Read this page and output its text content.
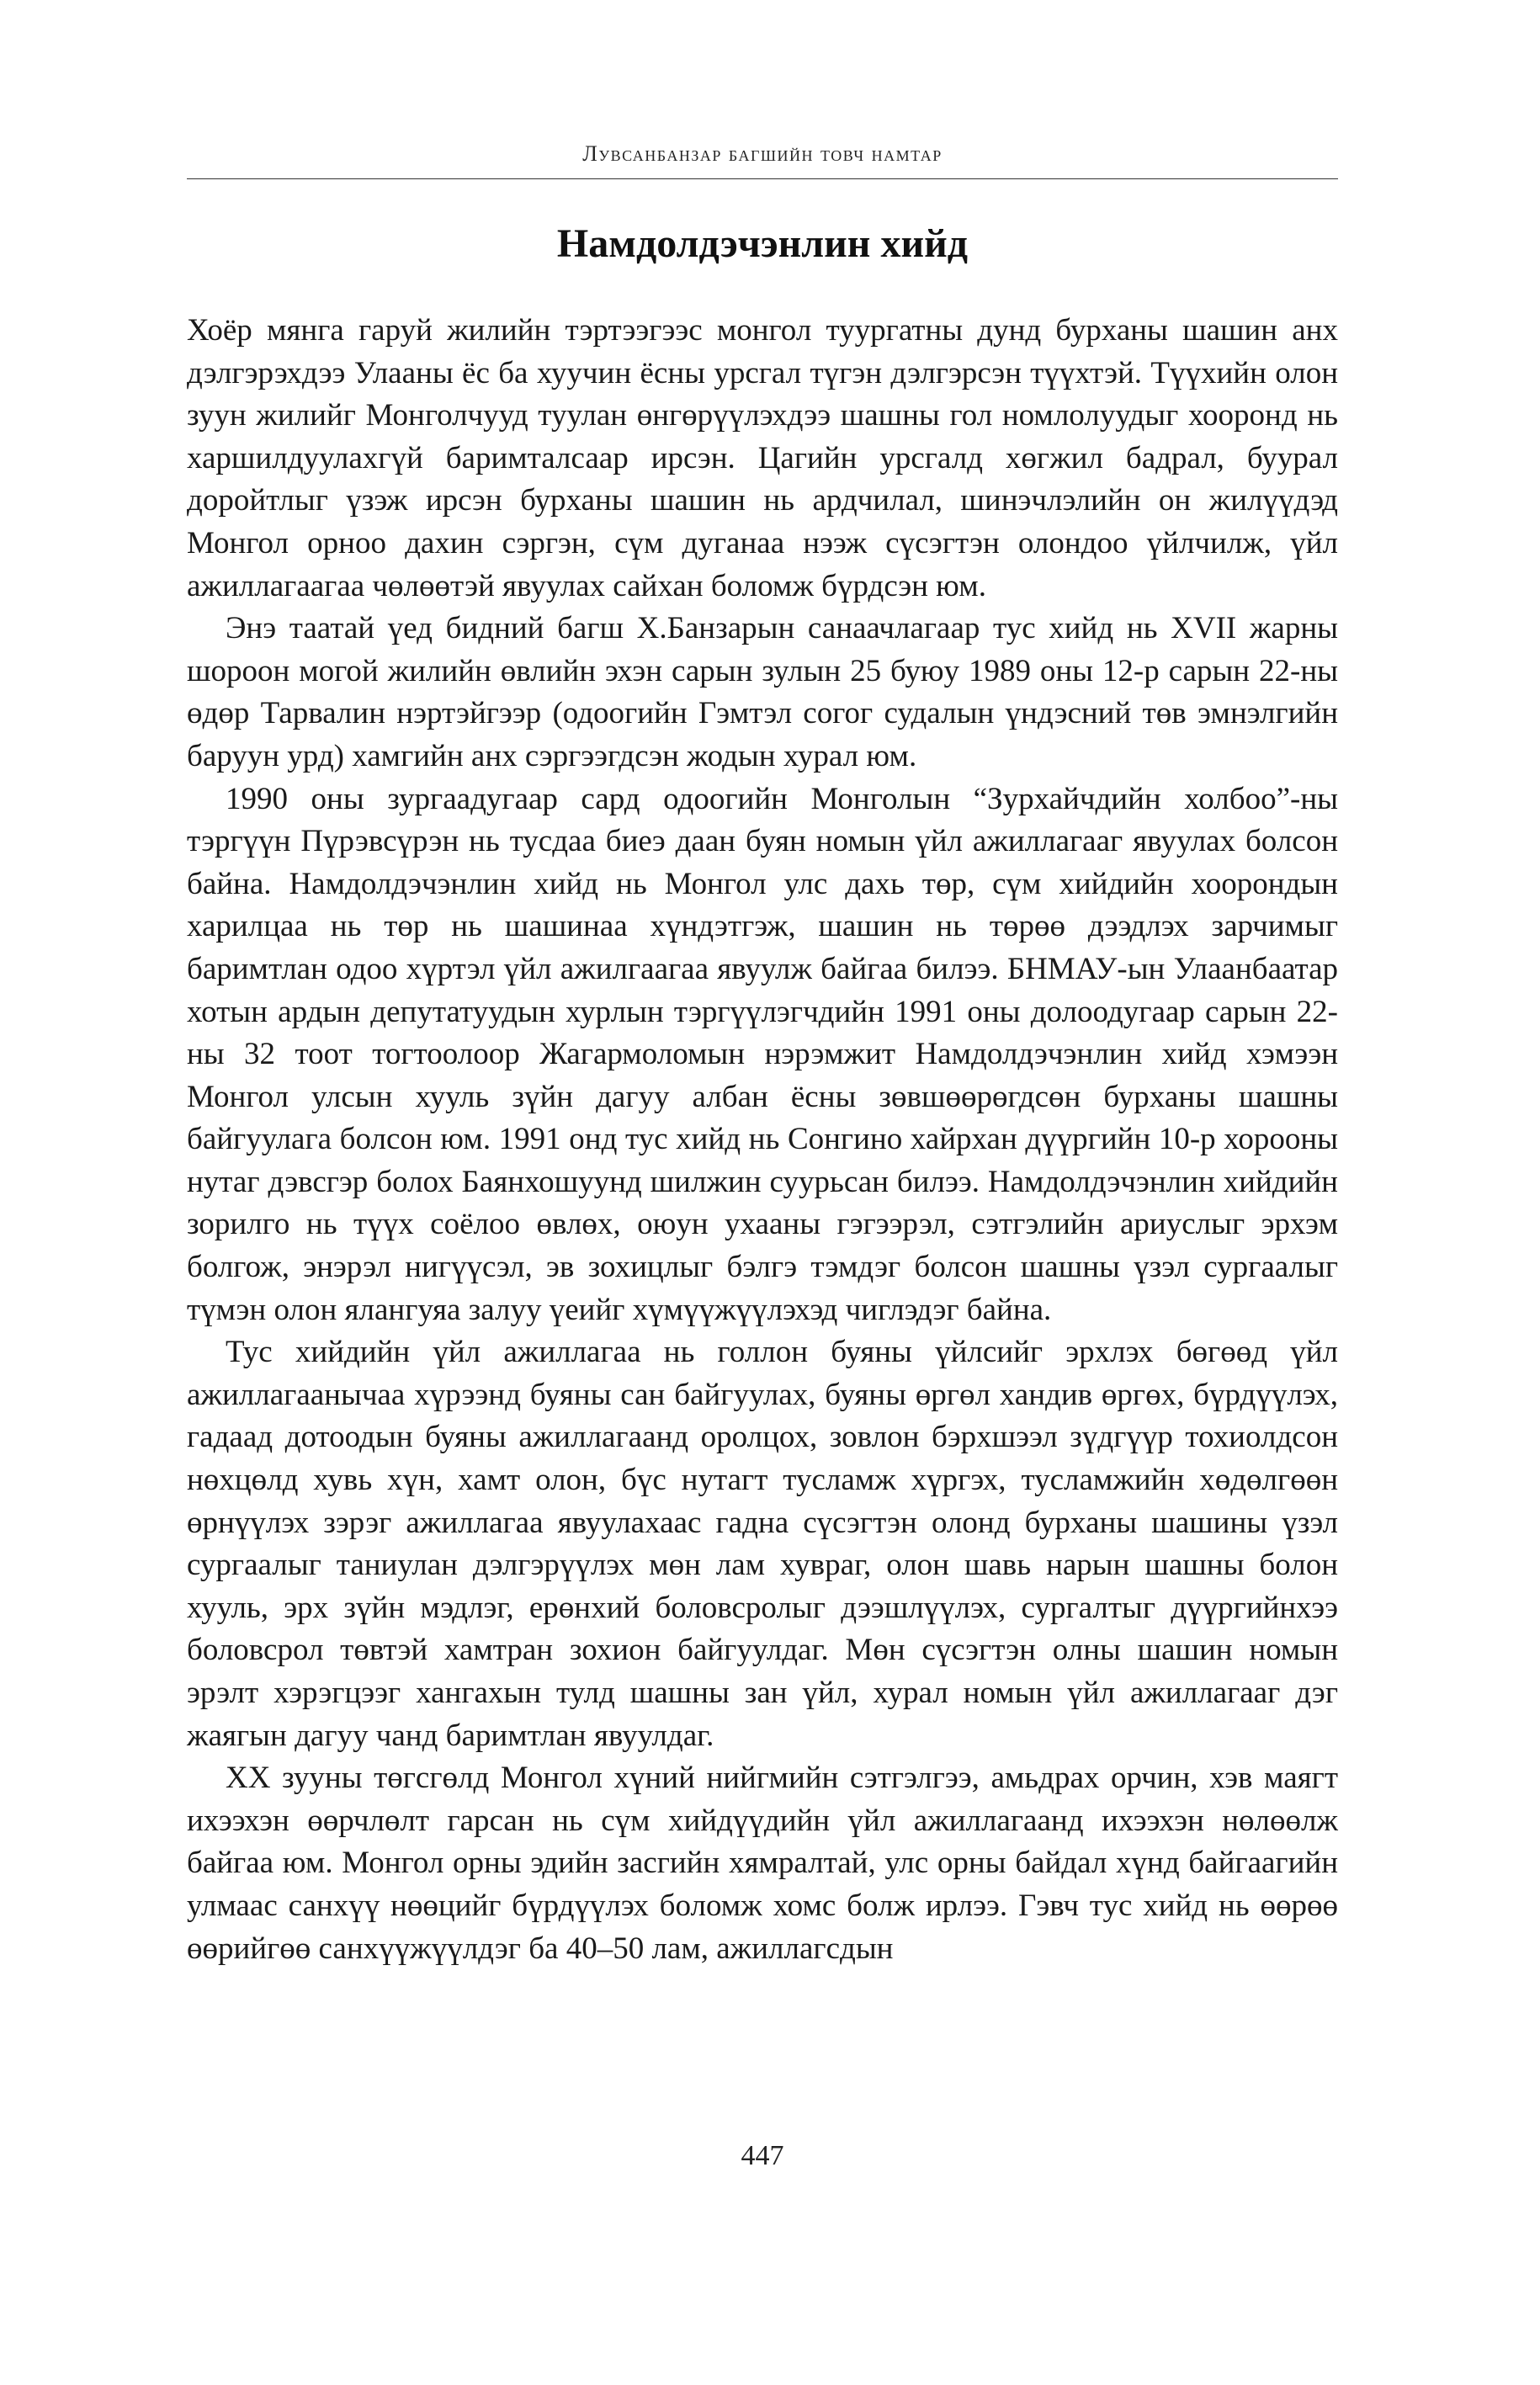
Лувсанбанзар багшийн товч намтар
Намдолдэчэнлин хийд

Хоёр мянга гаруй жилийн тэртээгээс монгол туургатны дунд бурханы шашин анх дэлгэрэхдээ Улааны ёс ба хуучин ёсны урсгал түгэн дэлгэрсэн түүхтэй. Түүхийн олон зуун жилийг Монголчууд туулан өнгөрүүлэхдээ шашны гол номлолуудыг хооронд нь харшилдуулахгүй баримталсаар ирсэн. Цагийн урсгалд хөгжил бадрал, буурал доройтлыг үзэж ирсэн бурханы шашин нь ардчилал, шинэчлэлийн он жилүүдэд Монгол орноо дахин сэргэн, сүм дуганаа нээж сүсэгтэн олондоо үйлчилж, үйл ажиллагаагаа чөлөөтэй явуулах сайхан боломж бүрдсэн юм.

Энэ таатай үед бидний багш Х.Банзарын санаачлагаар тус хийд нь XVII жарны шороон могой жилийн өвлийн эхэн сарын зулын 25 буюу 1989 оны 12-р сарын 22-ны өдөр Тарвалин нэртэйгээр (одоогийн Гэмтэл согог судалын үндэсний төв эмнэлгийн баруун урд) хамгийн анх сэргээгдсэн жодын хурал юм.

1990 оны зургаадугаар сард одоогийн Монголын “Зурхайчдийн холбоо”-ны тэргүүн Пүрэвсүрэн нь тусдаа биеэ даан буян номын үйл ажиллагааг явуулах болсон байна. Намдолдэчэнлин хийд нь Монгол улс дахь төр, сүм хийдийн хоорондын харилцаа нь төр нь шашинаа хүндэтгэж, шашин нь төрөө дээдлэх зарчимыг баримтлан одоо хүртэл үйл ажилгаагаа явуулж байгаа билээ. БНМАУ-ын Улаанбаатар хотын ардын депутатуудын хурлын тэргүүлэгчдийн 1991 оны долоодугаар сарын 22-ны 32 тоот тогтоолоор Жагармоломын нэрэмжит Намдолдэчэнлин хийд хэмээн Монгол улсын хууль зүйн дагуу албан ёсны зөвшөөрөгдсөн бурханы шашны байгуулага болсон юм. 1991 онд тус хийд нь Сонгино хайрхан дүүргийн 10-р хорооны нутаг дэвсгэр болох Баянхошуунд шилжин суурьсан билээ. Намдолдэчэнлин хийдийн зорилго нь түүх соёлоо өвлөх, оюун ухааны гэгээрэл, сэтгэлийн ариуслыг эрхэм болгож, энэрэл нигүүсэл, эв зохицлыг бэлгэ тэмдэг болсон шашны үзэл сургаалыг түмэн олон ялангуяа залуу үеийг хүмүүжүүлэхэд чиглэдэг байна.

Тус хийдийн үйл ажиллагаа нь голлон буяны үйлсийг эрхлэх бөгөөд үйл ажиллагаанычаа хүрээнд буяны сан байгуулах, буяны өргөл хандив өргөх, бүрдүүлэх, гадаад дотоодын буяны ажиллагаанд оролцох, зовлон бэрхшээл зүдгүүр тохиолдсон нөхцөлд хувь хүн, хамт олон, бүс нутагт тусламж хүргэх, тусламжийн хөдөлгөөн өрнүүлэх зэрэг ажиллагаа явуулахаас гадна сүсэгтэн олонд бурханы шашины үзэл сургаалыг таниулан дэлгэрүүлэх мөн лам хувраг, олон шавь нарын шашны болон хууль, эрх зүйн мэдлэг, ерөнхий боловсролыг дээшлүүлэх, сургалтыг дүүргийнхээ боловсрол төвтэй хамтран зохион байгуулдаг. Мөн сүсэгтэн олны шашин номын эрэлт хэрэгцээг хангахын тулд шашны зан үйл, хурал номын үйл ажиллагааг дэг жаягын дагуу чанд баримтлан явуулдаг.

XX зууны төгсгөлд Монгол хүний нийгмийн сэтгэлгээ, амьдрах орчин, хэв маягт ихээхэн өөрчлөлт гарсан нь сүм хийдүүдийн үйл ажиллагаанд ихээхэн нөлөөлж байгаа юм. Монгол орны эдийн засгийн хямралтай, улс орны байдал хүнд байгаагийн улмаас санхүү нөөцийг бүрдүүлэх боломж хомс болж ирлээ. Гэвч тус хийд нь өөрөө өөрийгөө санхүүжүүлдэг ба 40–50 лам, ажиллагсдын

447
